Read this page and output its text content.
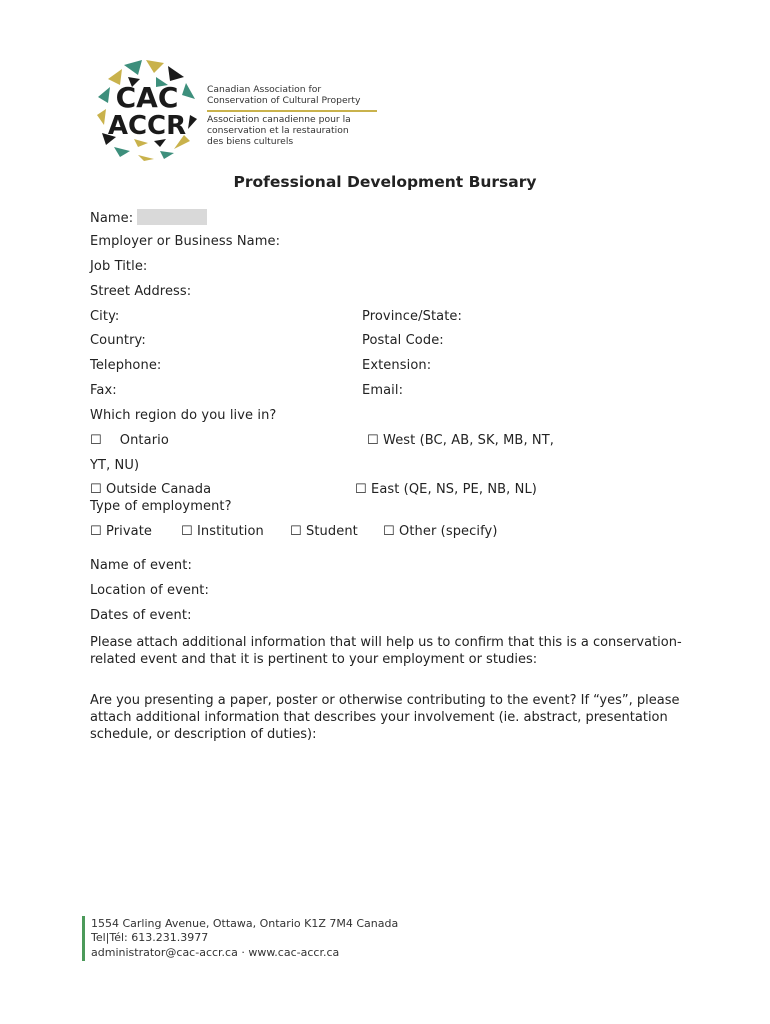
CAC
ACCR
Canadian Association for
Conservation of Cultural Property
Association canadienne pour la
conservation et la restauration
des biens culturels
Professional Development Bursary
Name:
Employer or Business Name:
Job Title:
Street Address:
City:	Province/State:
Country:	Postal Code:
Telephone:	Extension:
Fax:	Email:
Which region do you live in?
☐ Ontario	☐ West (BC, AB, SK, MB, NT,
YT, NU)
☐ Outside Canada	☐ East (QE, NS, PE, NB, NL)
Type of employment?
☐ Private ☐ Institution ☐ Student ☐ Other (specify)
Name of event:
Location of event:
Dates of event:
Please attach additional information that will help us to confirm that this is a conservation-related event and that it is pertinent to your employment or studies:
Are you presenting a paper, poster or otherwise contributing to the event? If “yes”, please attach additional information that describes your involvement (ie. abstract, presentation schedule, or description of duties):
1554 Carling Avenue, Ottawa, Ontario K1Z 7M4 Canada
Tel|Tél: 613.231.3977
administrator@cac-accr.ca · www.cac-accr.ca
